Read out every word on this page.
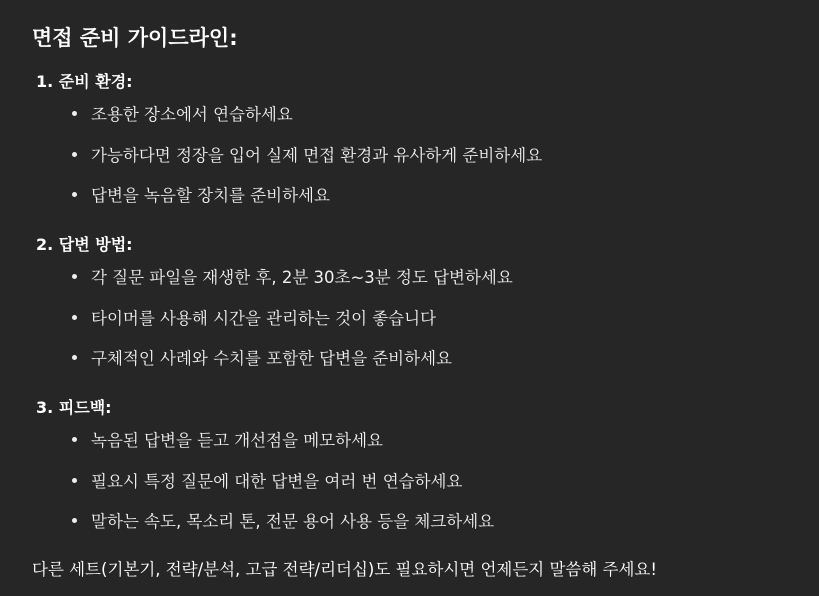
면접 준비 가이드라인:
1. 준비 환경:
조용한 장소에서 연습하세요
가능하다면 정장을 입어 실제 면접 환경과 유사하게 준비하세요
답변을 녹음할 장치를 준비하세요
2. 답변 방법:
각 질문 파일을 재생한 후, 2분 30초~3분 정도 답변하세요
타이머를 사용해 시간을 관리하는 것이 좋습니다
구체적인 사례와 수치를 포함한 답변을 준비하세요
3. 피드백:
녹음된 답변을 듣고 개선점을 메모하세요
필요시 특정 질문에 대한 답변을 여러 번 연습하세요
말하는 속도, 목소리 톤, 전문 용어 사용 등을 체크하세요
다른 세트(기본기, 전략/분석, 고급 전략/리더십)도 필요하시면 언제든지 말씀해 주세요!
